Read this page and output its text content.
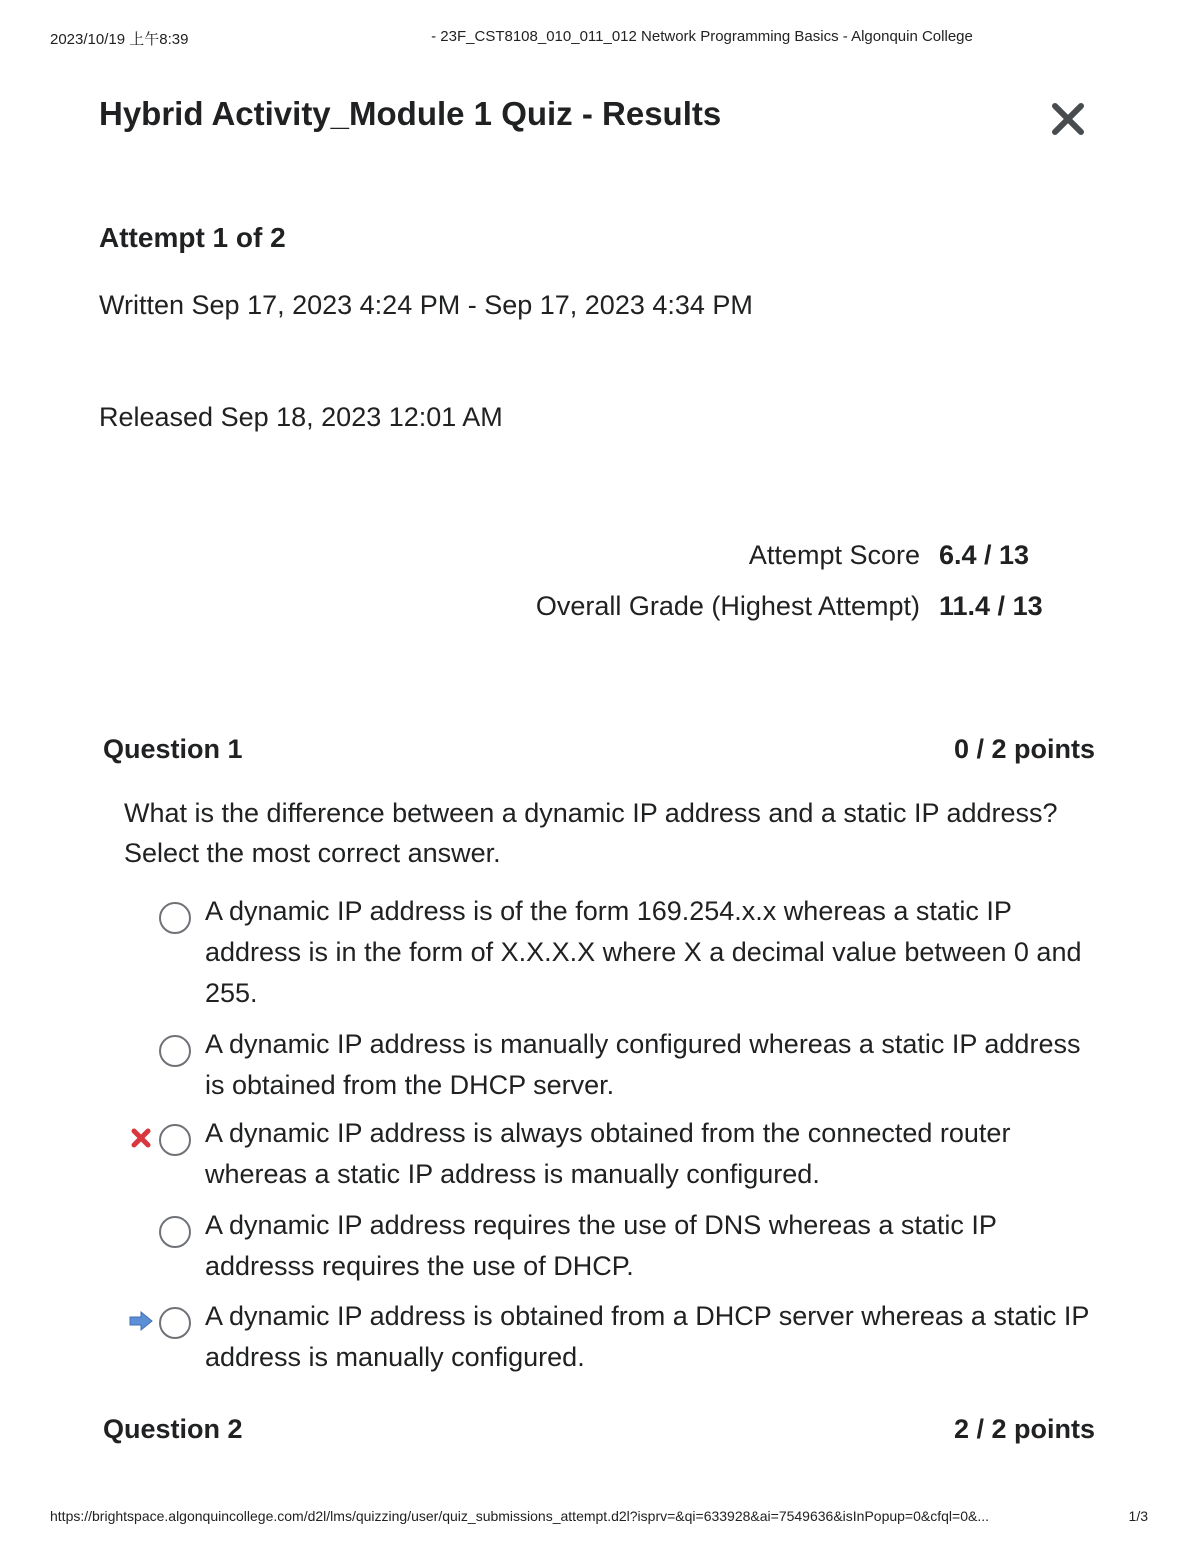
2023/10/19 上午8:39	- 23F_CST8108_010_011_012 Network Programming Basics - Algonquin College
Hybrid Activity_Module 1 Quiz - Results
Attempt 1 of 2
Written Sep 17, 2023 4:24 PM - Sep 17, 2023 4:34 PM
Released Sep 18, 2023 12:01 AM
Attempt Score 6.4 / 13
Overall Grade (Highest Attempt) 11.4 / 13
Question 1	0 / 2 points
What is the difference between a dynamic IP address and a static IP address? Select the most correct answer.
A dynamic IP address is of the form 169.254.x.x whereas a static IP address is in the form of X.X.X.X where X a decimal value between 0 and 255.
A dynamic IP address is manually configured whereas a static IP address is obtained from the DHCP server.
A dynamic IP address is always obtained from the connected router whereas a static IP address is manually configured.
A dynamic IP address requires the use of DNS whereas a static IP addresss requires the use of DHCP.
A dynamic IP address is obtained from a DHCP server whereas a static IP address is manually configured.
Question 2	2 / 2 points
https://brightspace.algonquincollege.com/d2l/lms/quizzing/user/quiz_submissions_attempt.d2l?isprv=&qi=633928&ai=7549636&isInPopup=0&cfql=0&...	1/3
